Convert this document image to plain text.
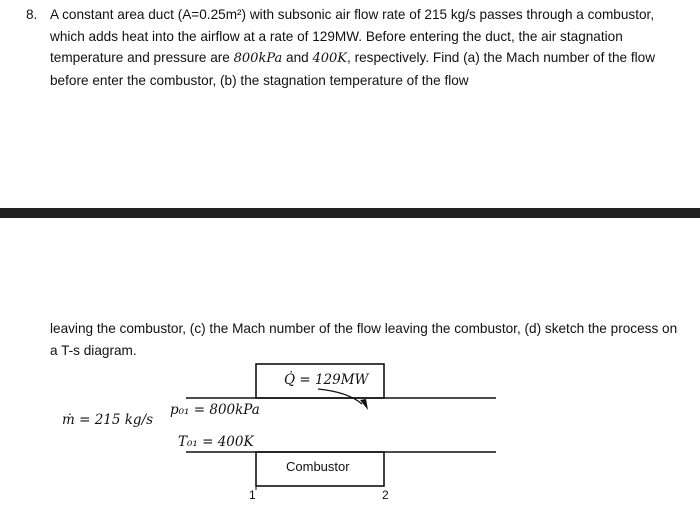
8. A constant area duct (A=0.25m²) with subsonic air flow rate of 215 kg/s passes through a combustor, which adds heat into the airflow at a rate of 129MW. Before entering the duct, the air stagnation temperature and pressure are 800kPa and 400K, respectively. Find (a) the Mach number of the flow before enter the combustor, (b) the stagnation temperature of the flow
leaving the combustor, (c) the Mach number of the flow leaving the combustor, (d) sketch the process on a T-s diagram.
Q̇ = 129MW
ṁ = 215 kg/s
p₀₁ = 800kPa
T₀₁ = 400K
Combustor
1	2
